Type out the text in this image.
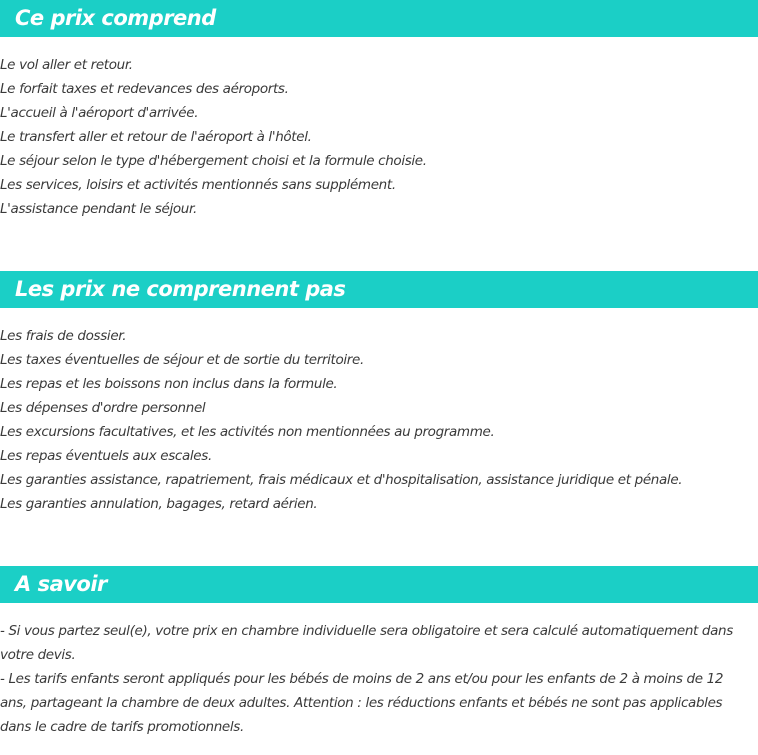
Ce prix comprend
Le vol aller et retour.
Le forfait taxes et redevances des aéroports.
L'accueil à l'aéroport d'arrivée.
Le transfert aller et retour de l'aéroport à l'hôtel.
Le séjour selon le type d'hébergement choisi et la formule choisie.
Les services, loisirs et activités mentionnés sans supplément.
L'assistance pendant le séjour.
Les prix ne comprennent pas
Les frais de dossier.
Les taxes éventuelles de séjour et de sortie du territoire.
Les repas et les boissons non inclus dans la formule.
Les dépenses d'ordre personnel
Les excursions facultatives, et les activités non mentionnées au programme.
Les repas éventuels aux escales.
Les garanties assistance, rapatriement, frais médicaux et d'hospitalisation, assistance juridique et pénale.
Les garanties annulation, bagages, retard aérien.
A savoir

- Si vous partez seul(e), votre prix en chambre individuelle sera obligatoire et sera calculé automatiquement dans votre devis.

- Les tarifs enfants seront appliqués pour les bébés de moins de 2 ans et/ou pour les enfants de 2 à moins de 12 ans, partageant la chambre de deux adultes. Attention : les réductions enfants et bébés ne sont pas applicables dans le cadre de tarifs promotionnels.
